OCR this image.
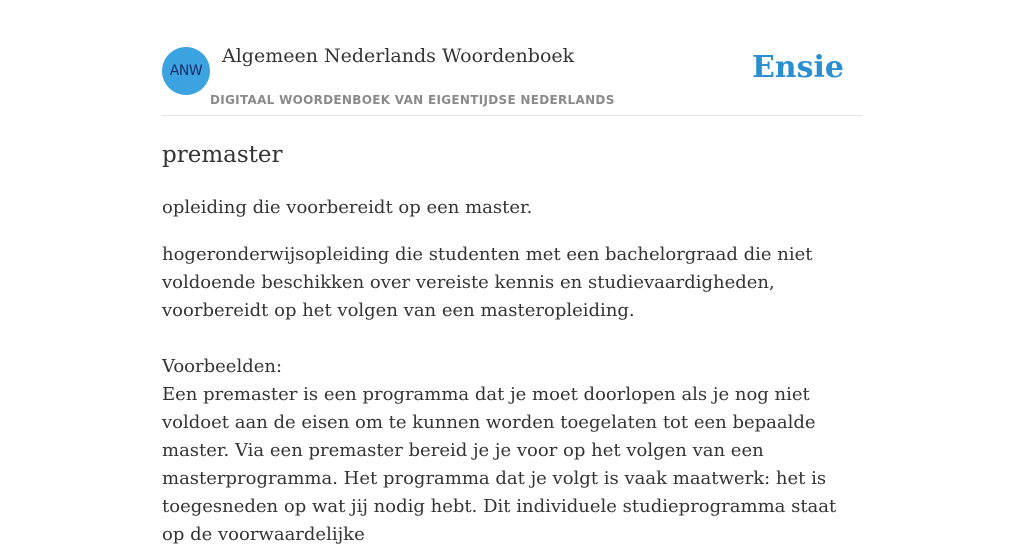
ANW
Algemeen Nederlands Woordenboek
DIGITAAL WOORDENBOEK VAN EIGENTIJDSE NEDERLANDS
Ensie
premaster

opleiding die voorbereidt op een master.

hogeronderwijsopleiding die studenten met een bachelorgraad die niet voldoende beschikken over vereiste kennis en studievaardigheden, voorbereidt op het volgen van een masteropleiding.

Voorbeelden:

Een premaster is een programma dat je moet doorlopen als je nog niet voldoet aan de eisen om te kunnen worden toegelaten tot een bepaalde master. Via een premaster bereid je je voor op het volgen van een masterprogramma. Het programma dat je volgt is vaak maatwerk: het is toegesneden op wat jij nodig hebt. Dit individuele studieprogramma staat op de voorwaardelijke
